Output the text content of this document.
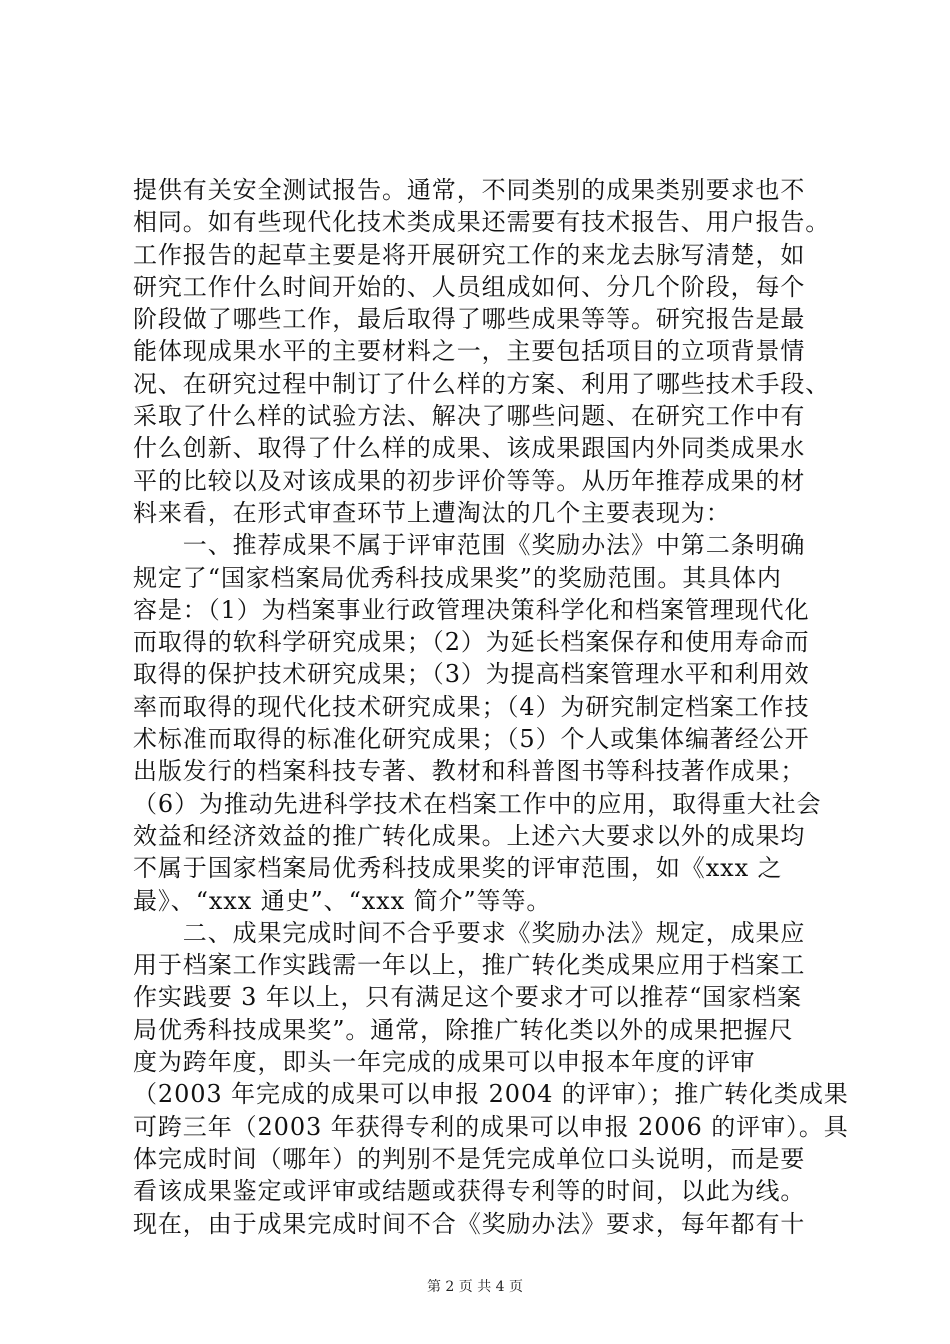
提供有关安全测试报告。通常，不同类别的成果类别要求也不
相同。如有些现代化技术类成果还需要有技术报告、用户报告。
工作报告的起草主要是将开展研究工作的来龙去脉写清楚，如
研究工作什么时间开始的、人员组成如何、分几个阶段，每个
阶段做了哪些工作，最后取得了哪些成果等等。研究报告是最
能体现成果水平的主要材料之一，主要包括项目的立项背景情
况、在研究过程中制订了什么样的方案、利用了哪些技术手段、
采取了什么样的试验方法、解决了哪些问题、在研究工作中有
什么创新、取得了什么样的成果、该成果跟国内外同类成果水
平的比较以及对该成果的初步评价等等。从历年推荐成果的材
料来看，在形式审查环节上遭淘汰的几个主要表现为：
　　一、推荐成果不属于评审范围《奖励办法》中第二条明确
规定了“国家档案局优秀科技成果奖”的奖励范围。其具体内
容是：（1）为档案事业行政管理决策科学化和档案管理现代化
而取得的软科学研究成果；（2）为延长档案保存和使用寿命而
取得的保护技术研究成果；（3）为提高档案管理水平和利用效
率而取得的现代化技术研究成果；（4）为研究制定档案工作技
术标准而取得的标准化研究成果；（5）个人或集体编著经公开
出版发行的档案科技专著、教材和科普图书等科技著作成果；
（6）为推动先进科学技术在档案工作中的应用，取得重大社会
效益和经济效益的推广转化成果。上述六大要求以外的成果均
不属于国家档案局优秀科技成果奖的评审范围，如《xxx 之
最》、“xxx 通史”、“xxx 简介”等等。
　　二、成果完成时间不合乎要求《奖励办法》规定，成果应
用于档案工作实践需一年以上，推广转化类成果应用于档案工
作实践要 3 年以上，只有满足这个要求才可以推荐“国家档案
局优秀科技成果奖”。通常，除推广转化类以外的成果把握尺
度为跨年度，即头一年完成的成果可以申报本年度的评审
（2003 年完成的成果可以申报 2004 的评审）；推广转化类成果
可跨三年（2003 年获得专利的成果可以申报 2006 的评审）。具
体完成时间（哪年）的判别不是凭完成单位口头说明，而是要
看该成果鉴定或评审或结题或获得专利等的时间，以此为线。
现在，由于成果完成时间不合《奖励办法》要求，每年都有十
第 2 页 共 4 页
